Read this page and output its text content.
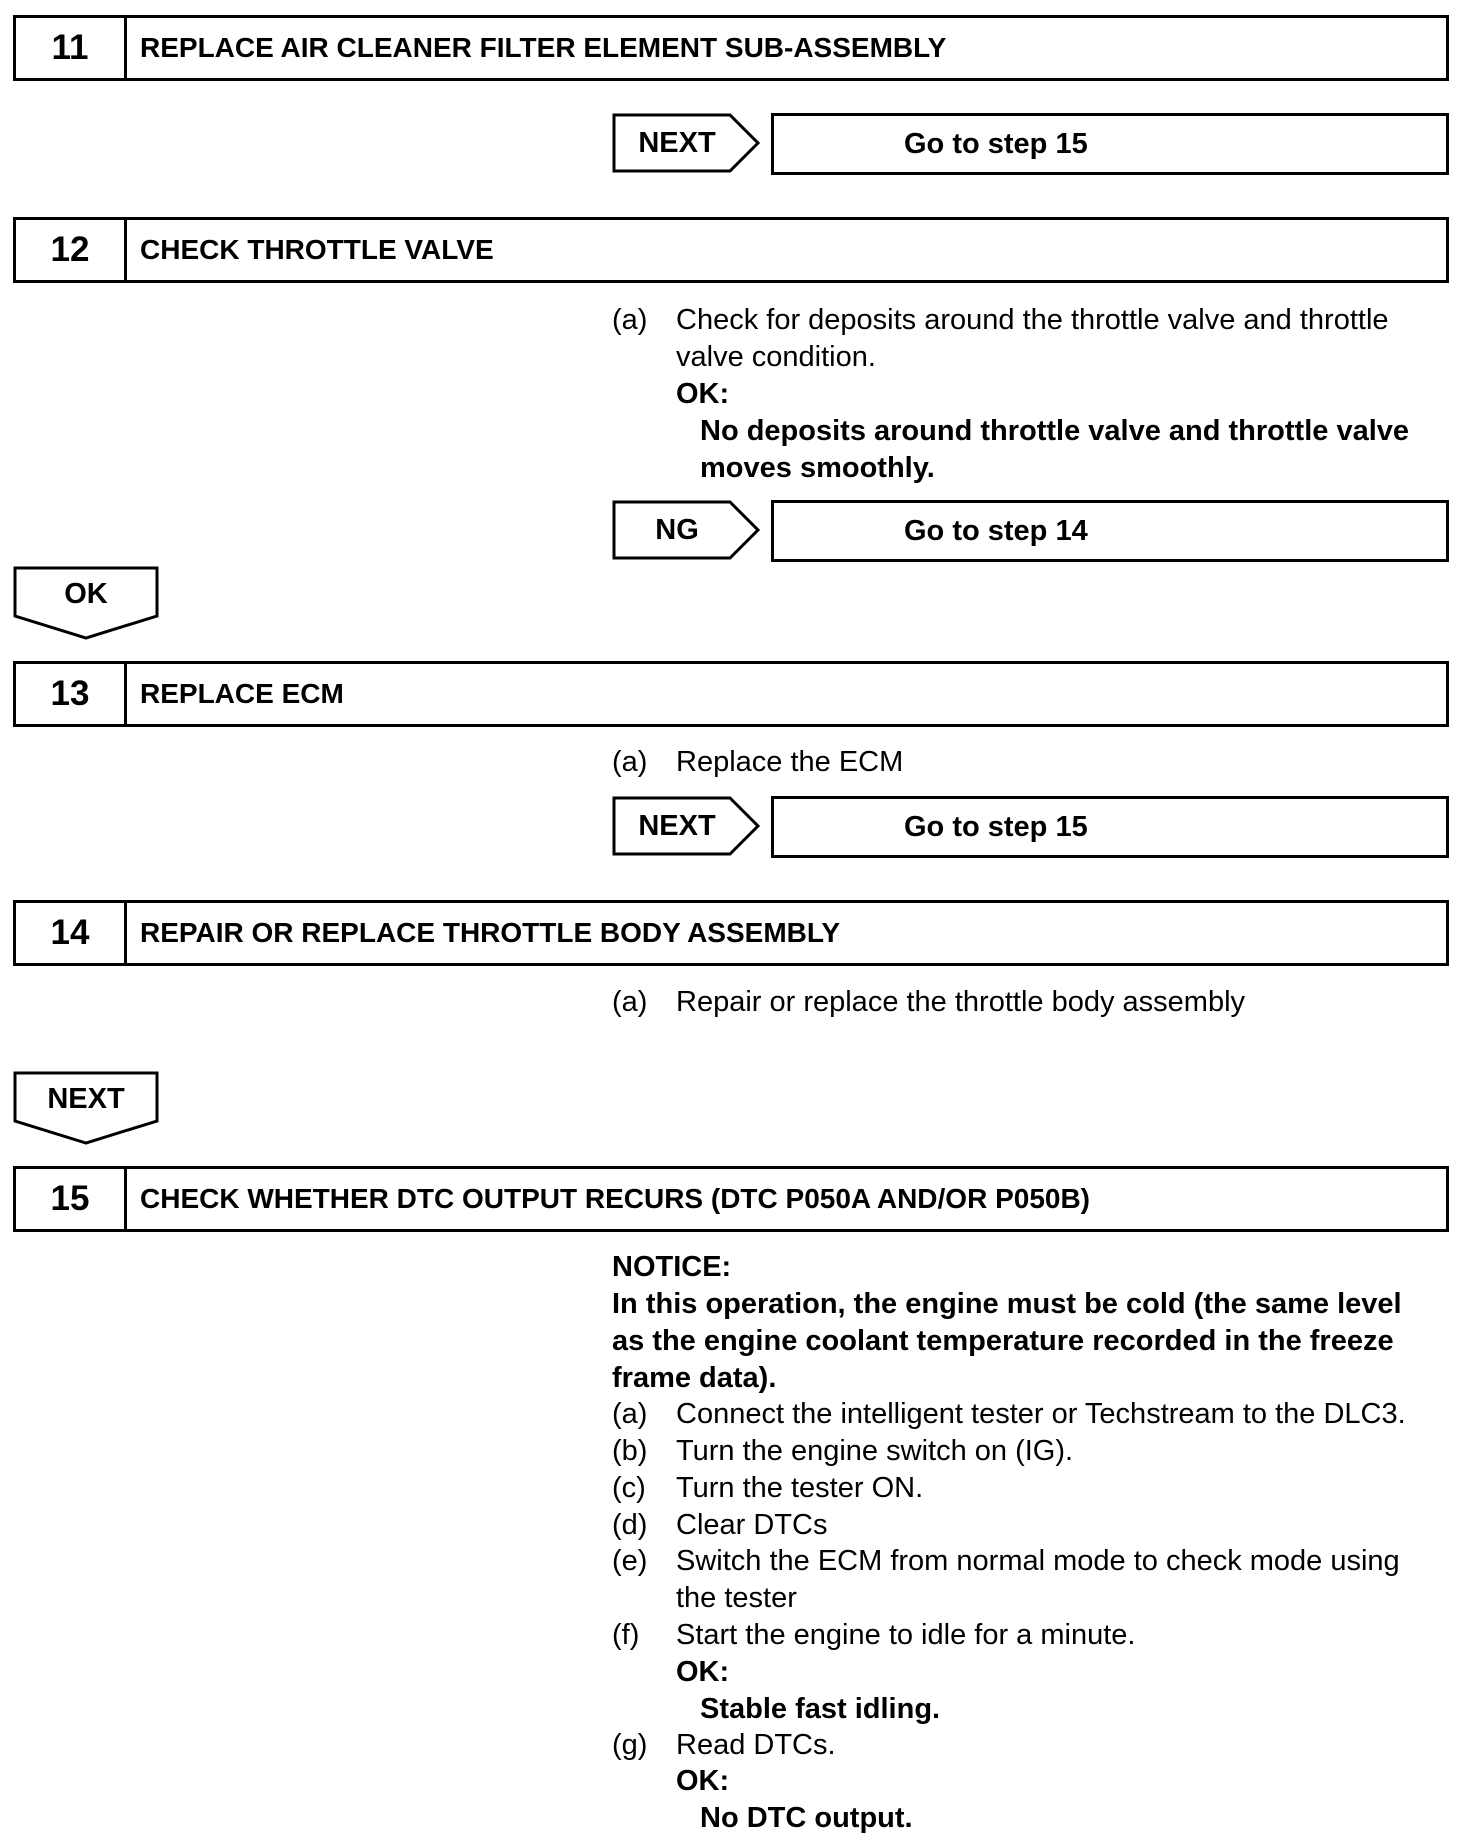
11	REPLACE AIR CLEANER FILTER ELEMENT SUB-ASSEMBLY
NEXT	Go to step 15
12	CHECK THROTTLE VALVE
(a) Check for deposits around the throttle valve and throttle
valve condition.
OK:
No deposits around throttle valve and throttle valve
moves smoothly.
NG	Go to step 14
OK
13	REPLACE ECM
(a) Replace the ECM
NEXT	Go to step 15
14	REPAIR OR REPLACE THROTTLE BODY ASSEMBLY
(a) Repair or replace the throttle body assembly
NEXT
15	CHECK WHETHER DTC OUTPUT RECURS (DTC P050A AND/OR P050B)
NOTICE:
In this operation, the engine must be cold (the same level
as the engine coolant temperature recorded in the freeze
frame data).
(a) Connect the intelligent tester or Techstream to the DLC3.
(b) Turn the engine switch on (IG).
(c) Turn the tester ON.
(d) Clear DTCs
(e) Switch the ECM from normal mode to check mode using
the tester
(f) Start the engine to idle for a minute.
OK:
Stable fast idling.
(g) Read DTCs.
OK:
No DTC output.
